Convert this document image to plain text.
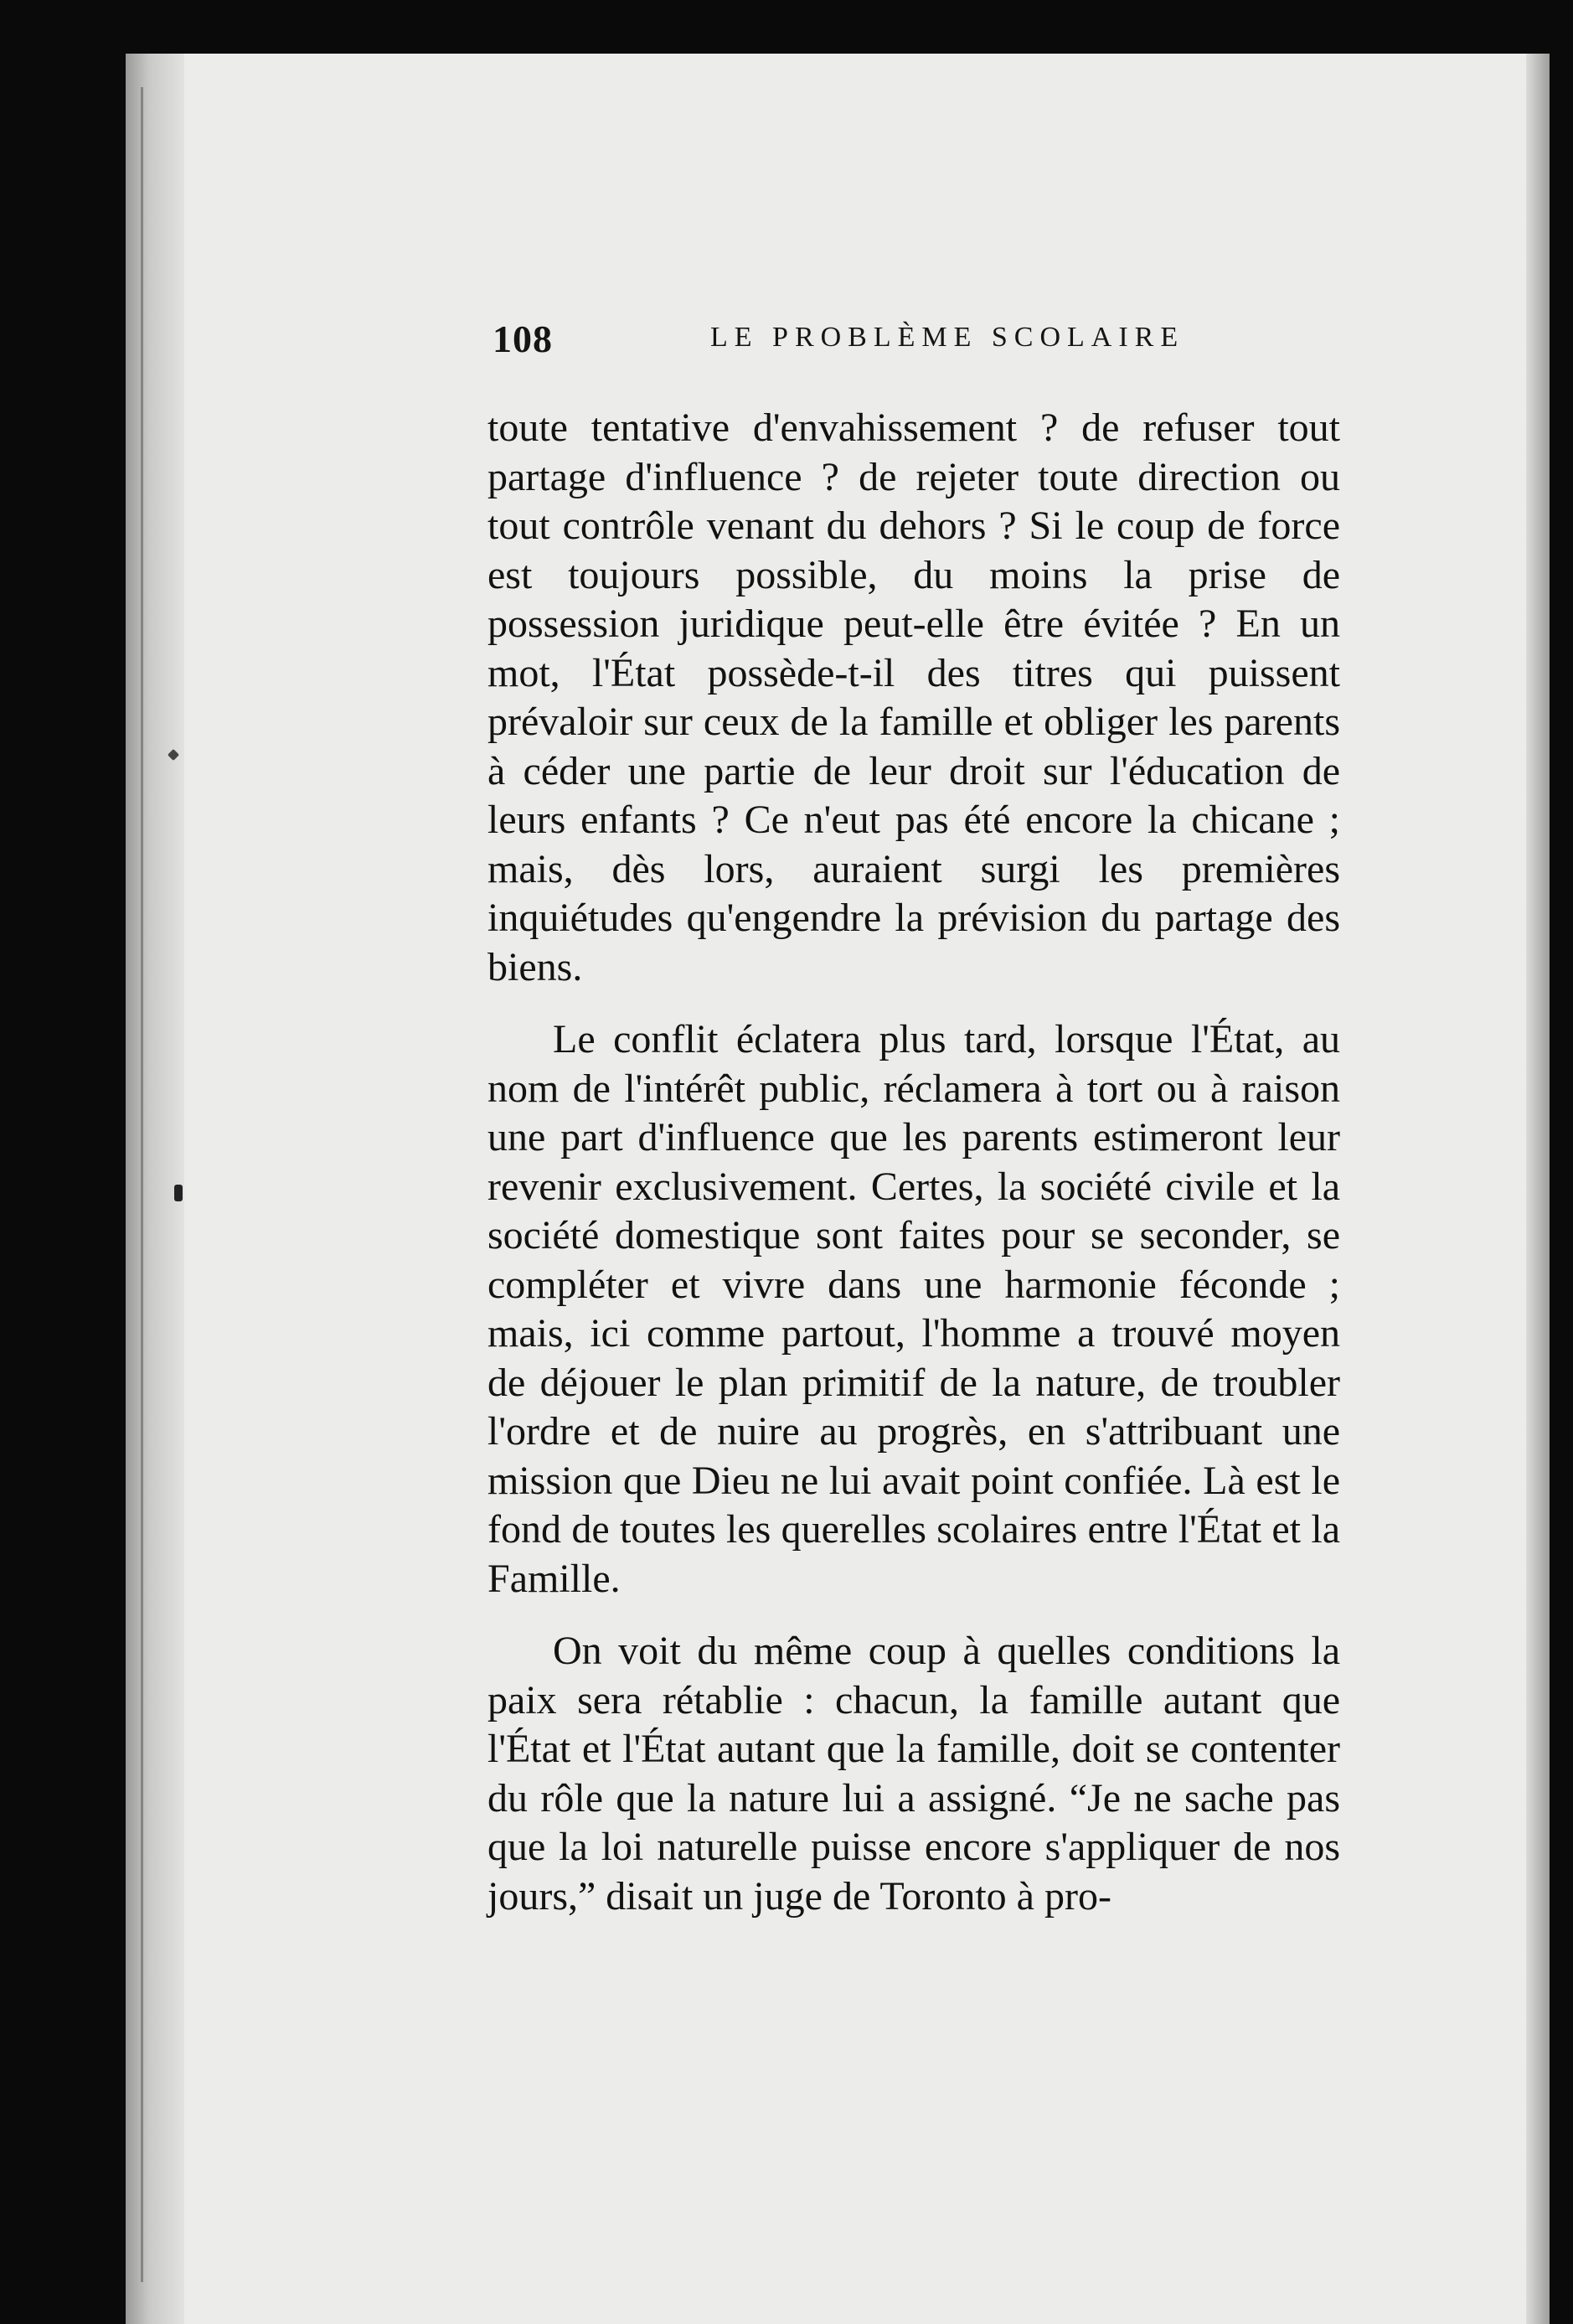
108	LE PROBLÈME SCOLAIRE

toute tentative d'envahissement ? de refuser tout partage d'influence ? de rejeter toute direction ou tout contrôle venant du dehors ? Si le coup de force est toujours possible, du moins la prise de possession juridique peut-elle être évitée ? En un mot, l'État possède-t-il des titres qui puissent prévaloir sur ceux de la famille et obliger les parents à céder une partie de leur droit sur l'éducation de leurs enfants ? Ce n'eut pas été encore la chicane ; mais, dès lors, auraient surgi les premières inquiétudes qu'engendre la prévision du partage des biens.

Le conflit éclatera plus tard, lorsque l'État, au nom de l'intérêt public, réclamera à tort ou à raison une part d'influence que les parents estimeront leur revenir exclusivement. Certes, la société civile et la société domestique sont faites pour se seconder, se compléter et vivre dans une harmonie féconde ; mais, ici comme partout, l'homme a trouvé moyen de déjouer le plan primitif de la nature, de troubler l'ordre et de nuire au progrès, en s'attribuant une mission que Dieu ne lui avait point confiée. Là est le fond de toutes les querelles scolaires entre l'État et la Famille.

On voit du même coup à quelles conditions la paix sera rétablie : chacun, la famille autant que l'État et l'État autant que la famille, doit se contenter du rôle que la nature lui a assigné. “Je ne sache pas que la loi naturelle puisse encore s'appliquer de nos jours,” disait un juge de Toronto à pro-
